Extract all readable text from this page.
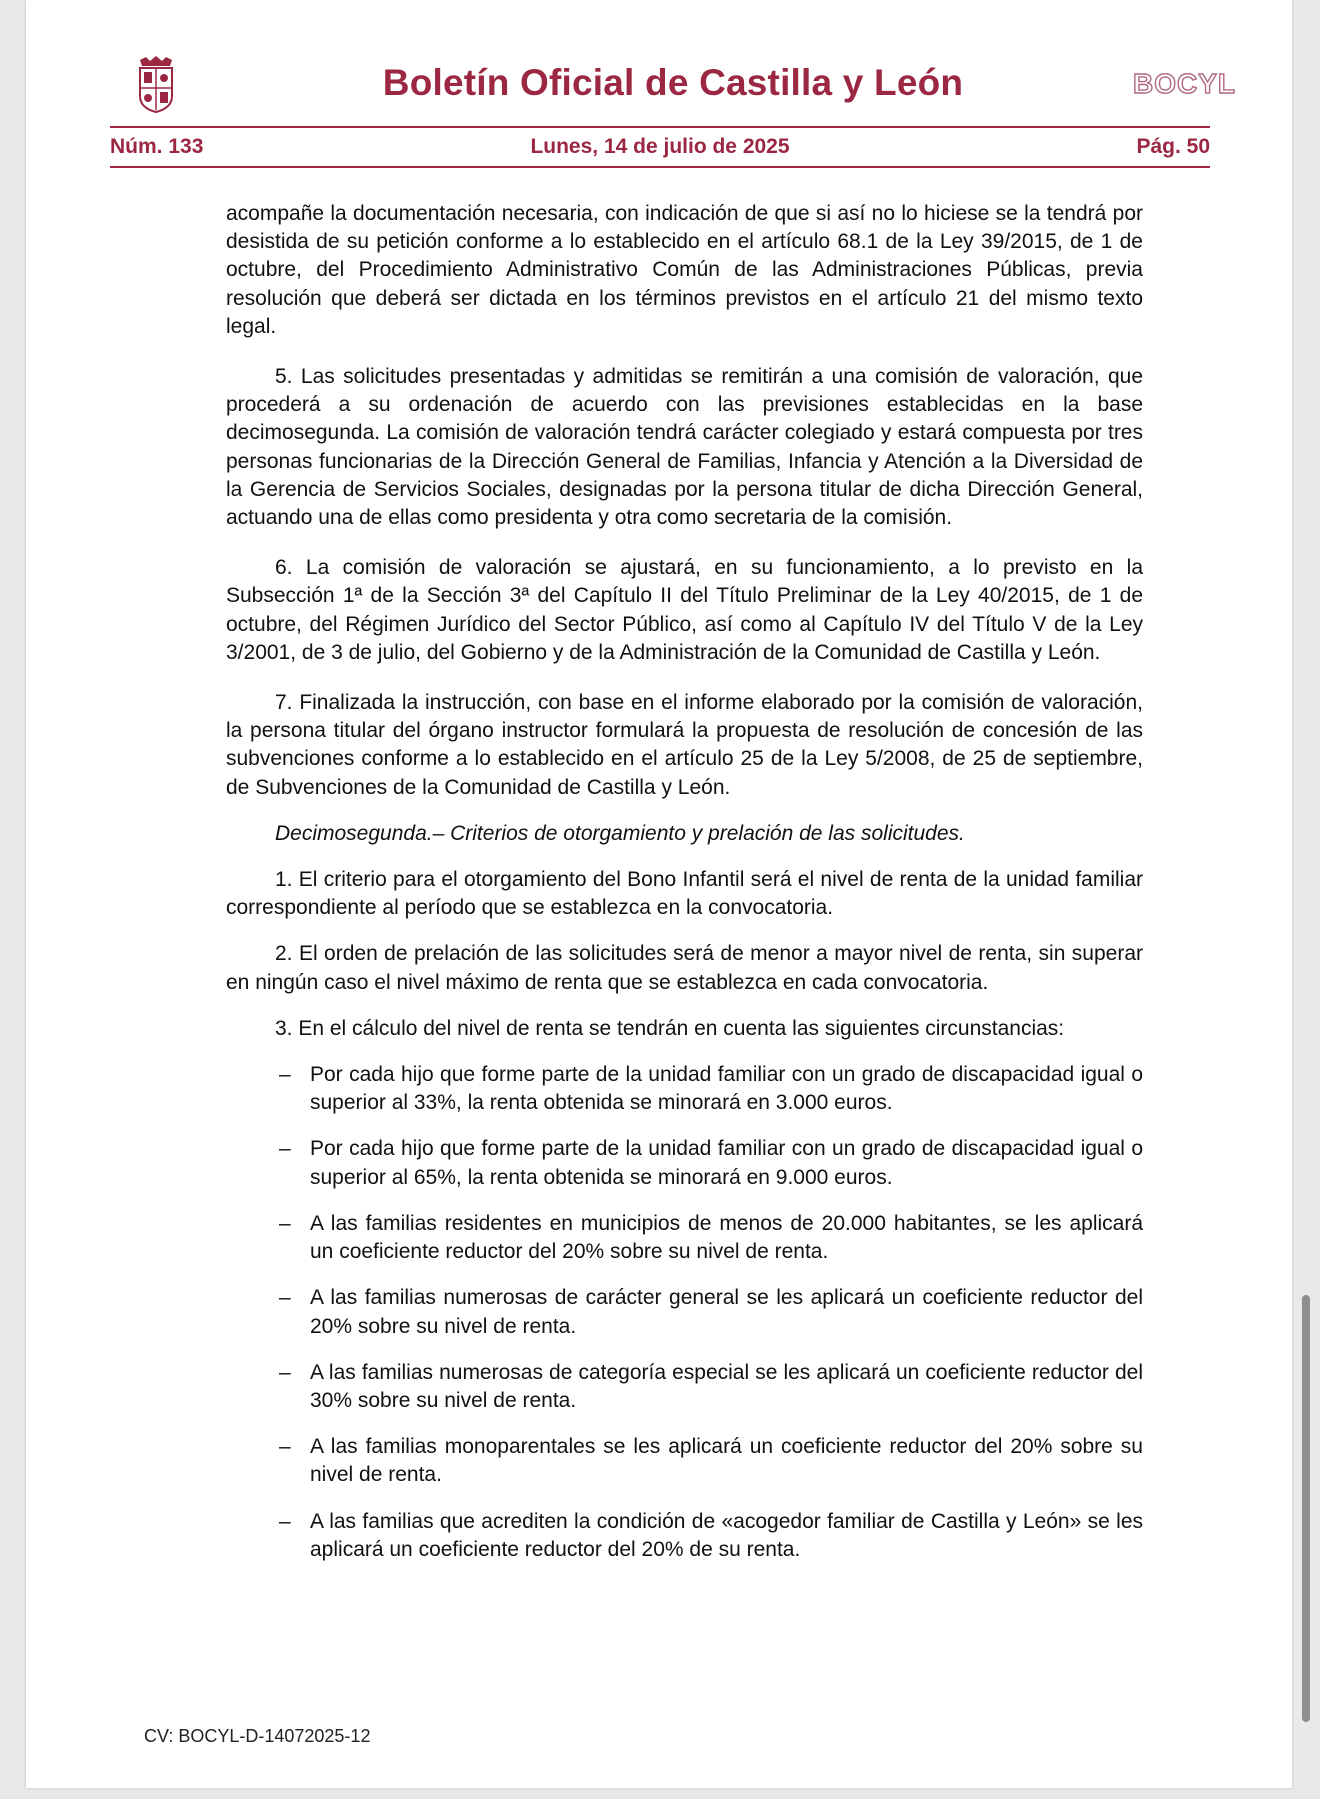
Boletín Oficial de Castilla y León	BOCYL
Núm. 133	Lunes, 14 de julio de 2025	Pág. 50

acompañe la documentación necesaria, con indicación de que si así no lo hiciese se la tendrá por desistida de su petición conforme a lo establecido en el artículo 68.1 de la Ley 39/2015, de 1 de octubre, del Procedimiento Administrativo Común de las Administraciones Públicas, previa resolución que deberá ser dictada en los términos previstos en el artículo 21 del mismo texto legal.

5. Las solicitudes presentadas y admitidas se remitirán a una comisión de valoración, que procederá a su ordenación de acuerdo con las previsiones establecidas en la base decimosegunda. La comisión de valoración tendrá carácter colegiado y estará compuesta por tres personas funcionarias de la Dirección General de Familias, Infancia y Atención a la Diversidad de la Gerencia de Servicios Sociales, designadas por la persona titular de dicha Dirección General, actuando una de ellas como presidenta y otra como secretaria de la comisión.

6. La comisión de valoración se ajustará, en su funcionamiento, a lo previsto en la Subsección 1ª de la Sección 3ª del Capítulo II del Título Preliminar de la Ley 40/2015, de 1 de octubre, del Régimen Jurídico del Sector Público, así como al Capítulo IV del Título V de la Ley 3/2001, de 3 de julio, del Gobierno y de la Administración de la Comunidad de Castilla y León.

7. Finalizada la instrucción, con base en el informe elaborado por la comisión de valoración, la persona titular del órgano instructor formulará la propuesta de resolución de concesión de las subvenciones conforme a lo establecido en el artículo 25 de la Ley 5/2008, de 25 de septiembre, de Subvenciones de la Comunidad de Castilla y León.

Decimosegunda.– Criterios de otorgamiento y prelación de las solicitudes.

1. El criterio para el otorgamiento del Bono Infantil será el nivel de renta de la unidad familiar correspondiente al período que se establezca en la convocatoria.

2. El orden de prelación de las solicitudes será de menor a mayor nivel de renta, sin superar en ningún caso el nivel máximo de renta que se establezca en cada convocatoria.

3. En el cálculo del nivel de renta se tendrán en cuenta las siguientes circunstancias:

– Por cada hijo que forme parte de la unidad familiar con un grado de discapacidad igual o superior al 33%, la renta obtenida se minorará en 3.000 euros.

– Por cada hijo que forme parte de la unidad familiar con un grado de discapacidad igual o superior al 65%, la renta obtenida se minorará en 9.000 euros.

– A las familias residentes en municipios de menos de 20.000 habitantes, se les aplicará un coeficiente reductor del 20% sobre su nivel de renta.

– A las familias numerosas de carácter general se les aplicará un coeficiente reductor del 20% sobre su nivel de renta.

– A las familias numerosas de categoría especial se les aplicará un coeficiente reductor del 30% sobre su nivel de renta.

– A las familias monoparentales se les aplicará un coeficiente reductor del 20% sobre su nivel de renta.

– A las familias que acrediten la condición de «acogedor familiar de Castilla y León» se les aplicará un coeficiente reductor del 20% de su renta.

CV: BOCYL-D-14072025-12
